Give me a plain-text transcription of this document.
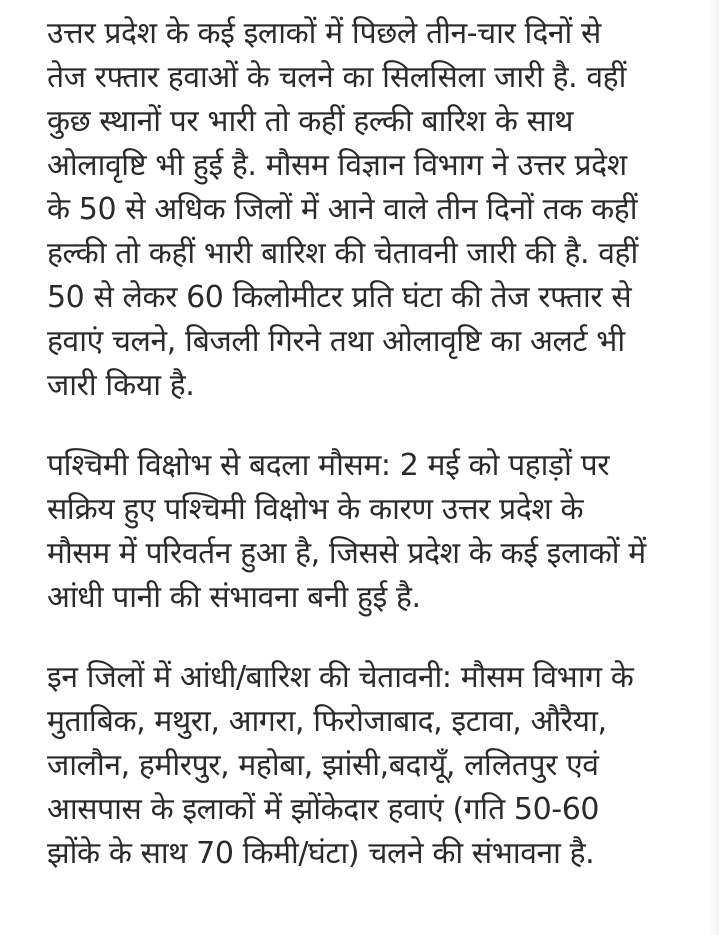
उत्तर प्रदेश के कई इलाकों में पिछले तीन-चार दिनों से
तेज रफ्तार हवाओं के चलने का सिलसिला जारी है. वहीं
कुछ स्थानों पर भारी तो कहीं हल्की बारिश के साथ
ओलावृष्टि भी हुई है. मौसम विज्ञान विभाग ने उत्तर प्रदेश
के 50 से अधिक जिलों में आने वाले तीन दिनों तक कहीं
हल्की तो कहीं भारी बारिश की चेतावनी जारी की है. वहीं
50 से लेकर 60 किलोमीटर प्रति घंटा की तेज रफ्तार से
हवाएं चलने, बिजली गिरने तथा ओलावृष्टि का अलर्ट भी
जारी किया है.

पश्चिमी विक्षोभ से बदला मौसम: 2 मई को पहाड़ों पर
सक्रिय हुए पश्चिमी विक्षोभ के कारण उत्तर प्रदेश के
मौसम में परिवर्तन हुआ है, जिससे प्रदेश के कई इलाकों में
आंधी पानी की संभावना बनी हुई है.

इन जिलों में आंधी/बारिश की चेतावनी: मौसम विभाग के
मुताबिक, मथुरा, आगरा, फिरोजाबाद, इटावा, औरैया,
जालौन, हमीरपुर, महोबा, झांसी,बदायूँ, ललितपुर एवं
आसपास के इलाकों में झोंकेदार हवाएं (गति 50-60
झोंके के साथ 70 किमी/घंटा) चलने की संभावना है.
